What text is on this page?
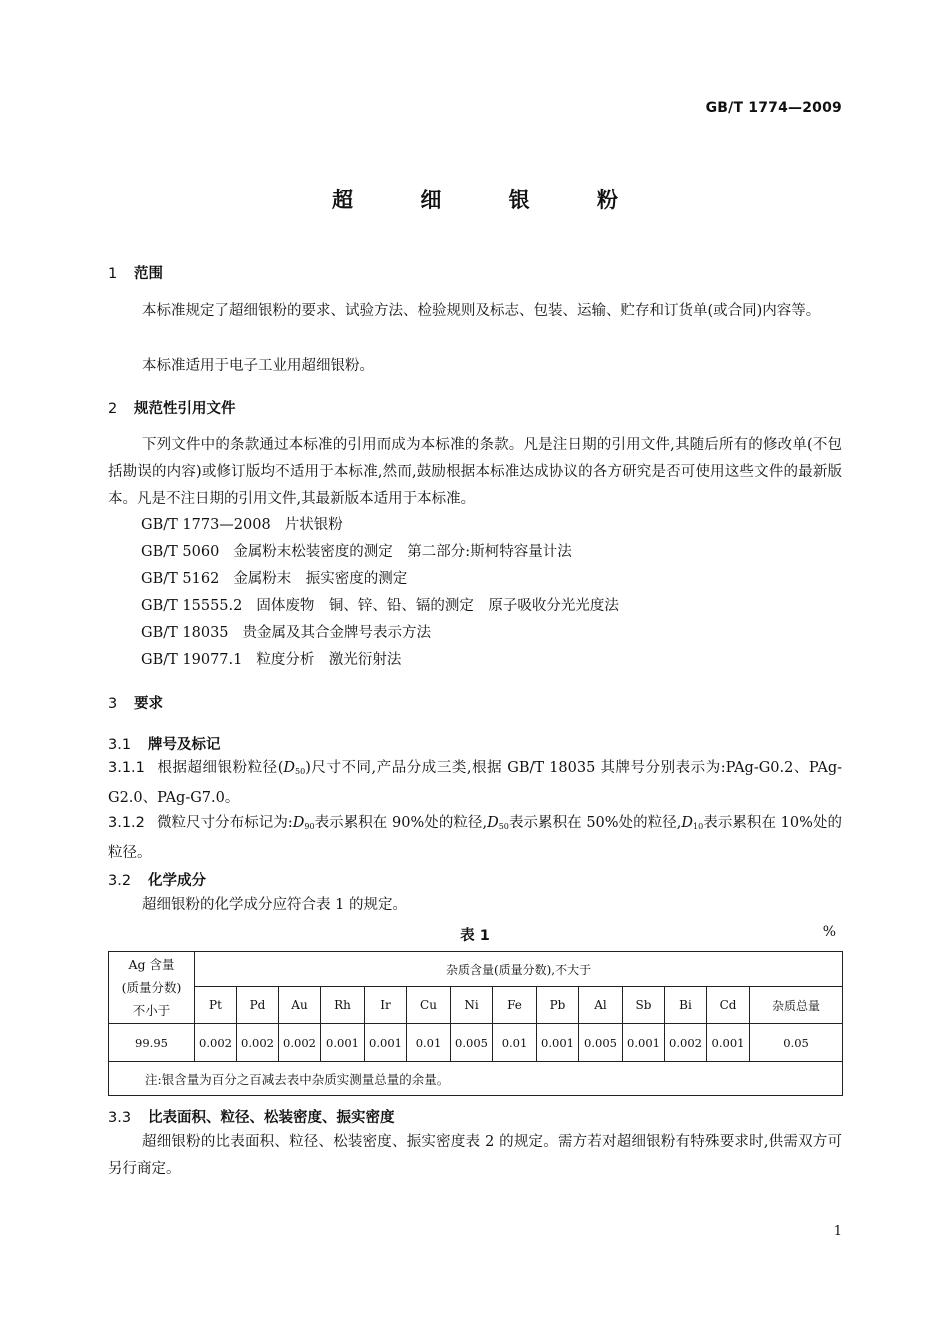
GB/T 1774—2009
超 细 银 粉
1 范围
本标准规定了超细银粉的要求、试验方法、检验规则及标志、包装、运输、贮存和订货单(或合同)内容等。
本标准适用于电子工业用超细银粉。
2 规范性引用文件
下列文件中的条款通过本标准的引用而成为本标准的条款。凡是注日期的引用文件,其随后所有的修改单(不包括勘误的内容)或修订版均不适用于本标准,然而,鼓励根据本标准达成协议的各方研究是否可使用这些文件的最新版本。凡是不注日期的引用文件,其最新版本适用于本标准。
GB/T 1773—2008 片状银粉
GB/T 5060 金属粉末松装密度的测定　第二部分:斯柯特容量计法
GB/T 5162 金属粉末　振实密度的测定
GB/T 15555.2 固体废物　铜、锌、铅、镉的测定　原子吸收分光光度法
GB/T 18035 贵金属及其合金牌号表示方法
GB/T 19077.1 粒度分析　激光衍射法
3 要求
3.1 牌号及标记
3.1.1 根据超细银粉粒径$(D_{50})$尺寸不同,产品分成三类,根据 GB/T 18035 其牌号分别表示为:PAg-G0.2、PAg-G2.0、PAg-G7.0。
3.1.2 微粒尺寸分布标记为$:D_{90}$表示累积在 90%处的粒径$,D_{50}$表示累积在 50%处的粒径$,D_{10}$表示累积在 10%处的粒径。
3.2 化学成分
超细银粉的化学成分应符合表 1 的规定。
表 1	%
Ag 含量
(质量分数)
不小于	杂质含量(质量分数),不大于													
	Pt	Pd	Au	Rh	Ir	Cu	Ni	Fe	Pb	Al	Sb	Bi	Cd	杂质总量
99.95	0.002	0.002	0.002	0.001	0.001	0.01	0.005	0.01	0.001	0.005	0.001	0.002	0.001	0.05
注:银含量为百分之百减去表中杂质实测量总量的余量。														
3.3 比表面积、粒径、松装密度、振实密度
超细银粉的比表面积、粒径、松装密度、振实密度表 2 的规定。需方若对超细银粉有特殊要求时,供需双方可另行商定。
1
